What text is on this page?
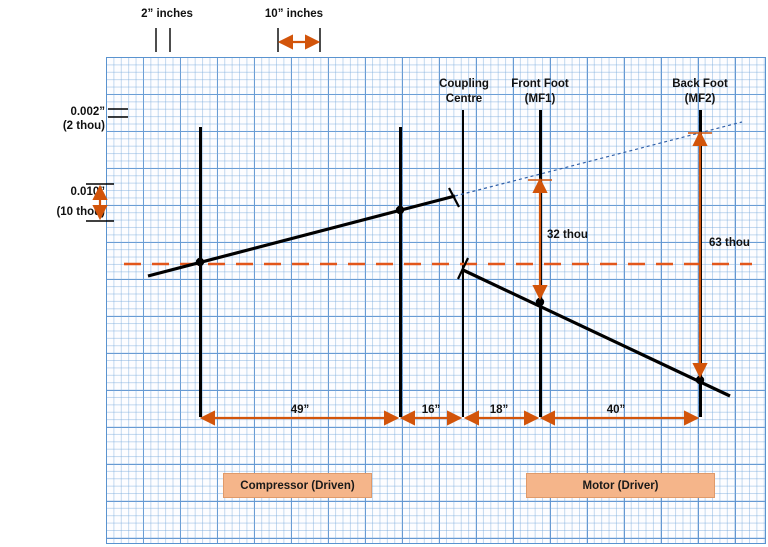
2” inches	10” inches
0.002”
(2 thou)
0.010”
(10 thou)
Coupling
Centre
Front Foot
(MF1)
Back Foot
(MF2)
32 thou
63 thou
49”	16”	18”	40”
Compressor (Driven)	Motor (Driver)
